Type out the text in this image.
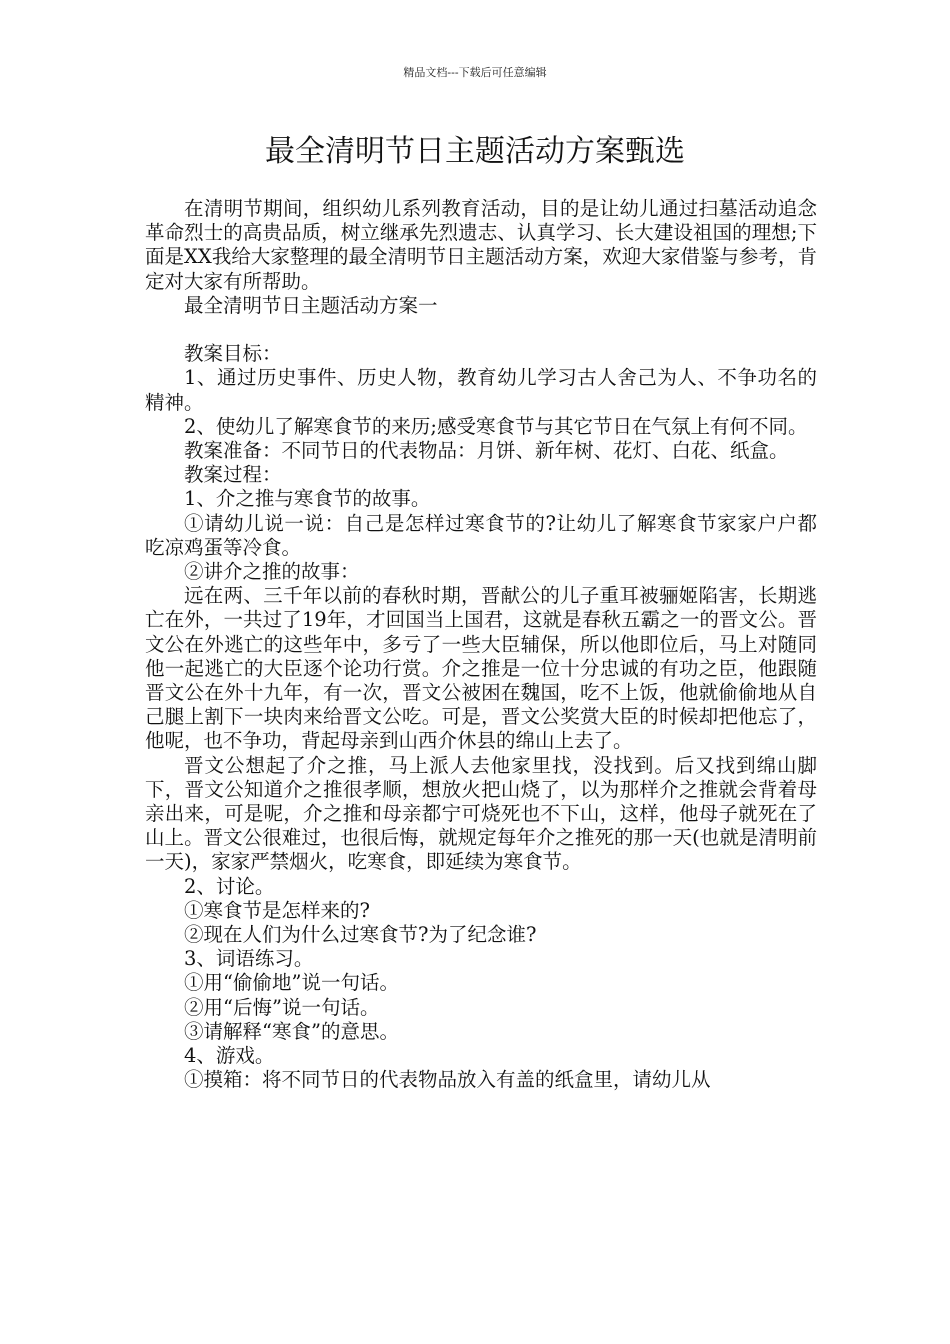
精品文档---下载后可任意编辑
最全清明节日主题活动方案甄选

在清明节期间，组织幼儿系列教育活动，目的是让幼儿通过扫墓活动追念革命烈士的高贵品质，树立继承先烈遗志、认真学习、长大建设祖国的理想;下面是XX我给大家整理的最全清明节日主题活动方案，欢迎大家借鉴与参考，肯定对大家有所帮助。

最全清明节日主题活动方案一

教案目标：

1、通过历史事件、历史人物，教育幼儿学习古人舍己为人、不争功名的精神。

2、使幼儿了解寒食节的来历;感受寒食节与其它节日在气氛上有何不同。

教案准备：不同节日的代表物品：月饼、新年树、花灯、白花、纸盒。

教案过程：

1、介之推与寒食节的故事。

①请幼儿说一说：自己是怎样过寒食节的?让幼儿了解寒食节家家户户都吃凉鸡蛋等冷食。

②讲介之推的故事：

远在两、三千年以前的春秋时期，晋献公的儿子重耳被骊姬陷害，长期逃亡在外，一共过了19年，才回国当上国君，这就是春秋五霸之一的晋文公。晋文公在外逃亡的这些年中，多亏了一些大臣辅保，所以他即位后，马上对随同他一起逃亡的大臣逐个论功行赏。介之推是一位十分忠诚的有功之臣，他跟随晋文公在外十九年，有一次，晋文公被困在魏国，吃不上饭，他就偷偷地从自己腿上割下一块肉来给晋文公吃。可是，晋文公奖赏大臣的时候却把他忘了，他呢，也不争功，背起母亲到山西介休县的绵山上去了。

晋文公想起了介之推，马上派人去他家里找，没找到。后又找到绵山脚下，晋文公知道介之推很孝顺，想放火把山烧了，以为那样介之推就会背着母亲出来，可是呢，介之推和母亲都宁可烧死也不下山，这样，他母子就死在了山上。晋文公很难过，也很后悔，就规定每年介之推死的那一天(也就是清明前一天)，家家严禁烟火，吃寒食，即延续为寒食节。

2、讨论。

①寒食节是怎样来的?

②现在人们为什么过寒食节?为了纪念谁?

3、词语练习。

①用“偷偷地”说一句话。

②用“后悔”说一句话。

③请解释“寒食”的意思。

4、游戏。

①摸箱：将不同节日的代表物品放入有盖的纸盒里，请幼儿从
